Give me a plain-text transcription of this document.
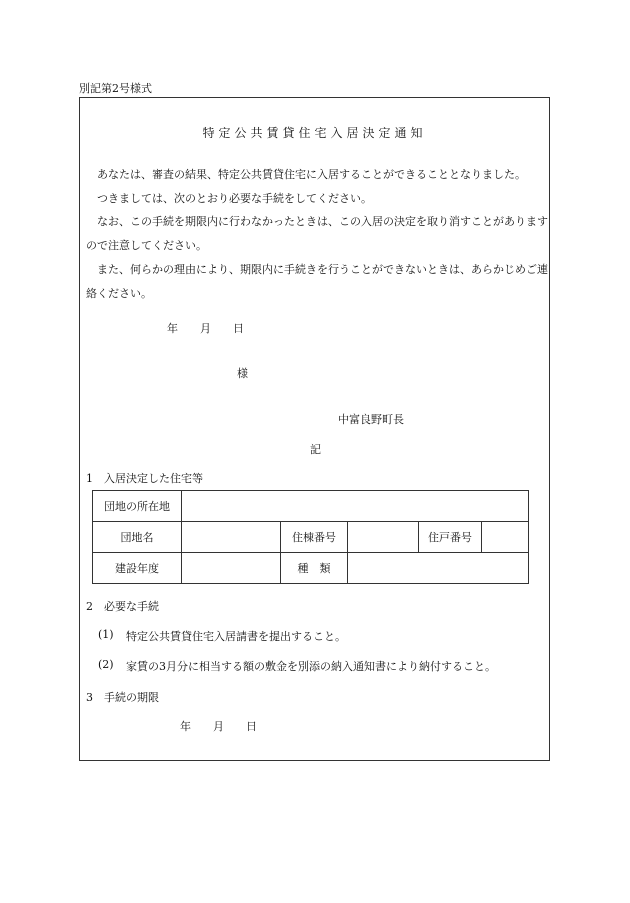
別記第2号様式
特定公共賃貸住宅入居決定通知
あなたは、審査の結果、特定公共賃貸住宅に入居することができることとなりました。
つきましては、次のとおり必要な手続をしてください。
なお、この手続を期限内に行わなかったときは、この入居の決定を取り消すことがありますので注意してください。
また、何らかの理由により、期限内に手続きを行うことができないときは、あらかじめご連絡ください。
年　　月　　日
様
中富良野町長
記
1　入居決定した住宅等
団地の所在地					
団地名		住棟番号		住戸番号	
建設年度		種　類			
2　必要な手続
(1) 特定公共賃貸住宅入居請書を提出すること。
(2) 家賃の3月分に相当する額の敷金を別添の納入通知書により納付すること。
3　手続の期限
年　　月　　日
